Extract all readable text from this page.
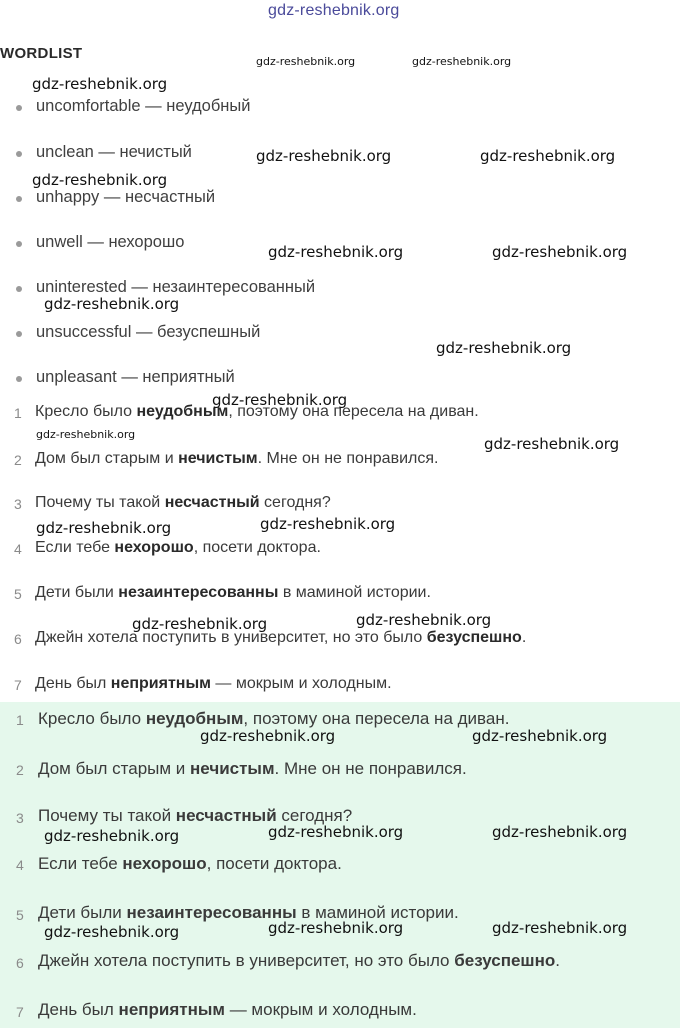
gdz-reshebnik.org
WORDLIST
uncomfortable — неудобный
unclean — нечистый
unhappy — несчастный
unwell — нехорошо
uninterested — незаинтересованный
unsuccessful — безуспешный
unpleasant — неприятный
1 Кресло было неудобным, поэтому она пересела на диван.
2 Дом был старым и нечистым. Мне он не понравился.
3 Почему ты такой несчастный сегодня?
4 Если тебе нехорошо, посети доктора.
5 Дети были незаинтересованны в маминой истории.
6 Джейн хотела поступить в университет, но это было безуспешно.
7 День был неприятным — мокрым и холодным.
1 Кресло было неудобным, поэтому она пересела на диван.
2 Дом был старым и нечистым. Мне он не понравился.
3 Почему ты такой несчастный сегодня?
4 Если тебе нехорошо, посети доктора.
5 Дети были незаинтересованны в маминой истории.
6 Джейн хотела поступить в университет, но это было безуспешно.
7 День был неприятным — мокрым и холодным.
gdz-reshebnik.org	gdz-reshebnik.org
gdz-reshebnik.org
gdz-reshebnik.org	gdz-reshebnik.org
gdz-reshebnik.org
gdz-reshebnik.org	gdz-reshebnik.org
gdz-reshebnik.org
gdz-reshebnik.org
gdz-reshebnik.org
gdz-reshebnik.org
gdz-reshebnik.org
gdz-reshebnik.org	gdz-reshebnik.org
gdz-reshebnik.org	gdz-reshebnik.org
gdz-reshebnik.org	gdz-reshebnik.org
gdz-reshebnik.org	gdz-reshebnik.org	gdz-reshebnik.org
gdz-reshebnik.org	gdz-reshebnik.org	gdz-reshebnik.org
